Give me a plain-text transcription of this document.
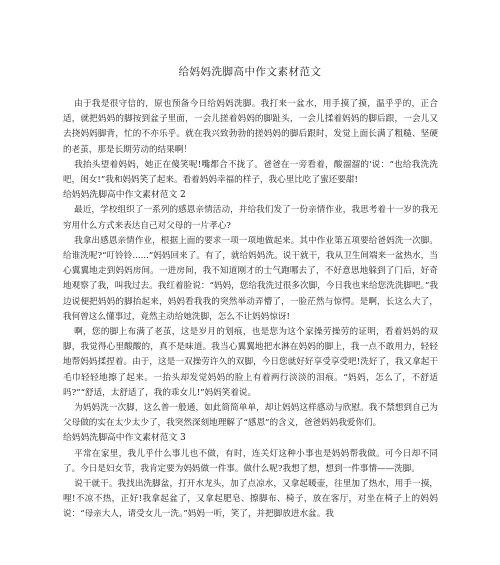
给妈妈洗脚高中作文素材范文

由于我是很守信的，原也预备今日给妈妈洗脚。我打来一盆水，用手摸了摸，温乎乎的，正合适，就把妈妈的脚按到盆子里面，一会儿搓着妈妈的脚趾头，一会儿揉着妈妈的脚后跟，一会儿又去挠妈妈脚背，忙的不亦乐乎。就在我兴致勃勃的搓妈妈的脚后跟时，发觉上面长满了粗糙、坚硬的老茧，那是长期劳动的结果啊！

我抬头望着妈妈，她正在傻笑呢!嘴都合不拢了。爸爸在一旁看着，酸溜溜的'说：“也给我洗洗吧，闺女!”我和妈妈笑了起来。看着妈妈幸福的样子，我心里比吃了蜜还要甜!

给妈妈洗脚高中作文素材范文 2

最近，学校组织了一系列的感恩亲情活动，并给我们发了一份亲情作业，我思考着十一岁的我无穷用什么方式来表达自己对父母的一片孝心?

我拿出感恩亲情作业，根据上面的要求一项一项地做起来。其中作业第五项要给爸妈洗一次脚。给谁洗呢?“叮铃铃......”妈妈回来了。有了，就给妈妈洗。说干就干，我从卫生间端来一盆热水，当心翼翼地走到妈妈房间。一进房间，我不知道刚才的士气跑哪去了，不好意思地躲到了门后，好奇地观察了我，叫我过去。我红着脸说：“妈妈，您给我洗过很多次脚，今日我也来给您洗洗脚吧。”我边说便把妈妈的脚抬起来，妈妈看我我的突然举动弄懵了，一脸茫然与惊愕。是啊，长这么大了，我何曾这么懂事过，竟然主动给她洗脚，怎么不让妈妈惊讶!

啊，您的脚上布满了老茧，这是岁月的划痕，也是您为这个家操劳操劳的证明，看着妈妈的双脚，我觉得心里酸酸的，真不是味道。我当心翼翼地把水淋在妈妈的脚上，我一点不敢用力，轻轻地帮妈妈揉捏着。由于，这是一双操劳许久的双脚，今日您就好好享受享受吧!洗好了，我又拿起干毛巾轻轻地擦了起来。一抬头却发觉妈妈的脸上有着两行淡淡的泪痕。“妈妈，怎么了，不舒适吗?”“舒适，太舒适了，我的乖女儿!”妈妈笑着说。

为妈妈洗一次脚，这么普一般通，如此简简单单，却让妈妈这样感动与欣慰。我不禁想到自己为父母做的实在太少太少了，我突然深刻地理解了“感恩”的含义，爸爸妈妈我爱你们。

给妈妈洗脚高中作文素材范文 3

平常在家里，我儿乎什么事儿也不做，有时，连关灯这种小事也是妈妈帮我做。可今日却不同了。今日是妇女节，我肯定要为妈妈做一件事。做什么呢?我想了想，想到一件事情——洗脚。

说干就干。我找出洗脚盆，打开水龙头，加了点凉水，又拿起暖壶，往里加了热水，用手一摸，哩!不凉不热，正好!我拿起盆了，又拿起肥皂、擦脚布、椅子，放在客厅，对坐在椅子上的妈妈说：“母亲大人，请受女儿一洗。”妈妈一听，笑了，并把脚放进水盆。我
